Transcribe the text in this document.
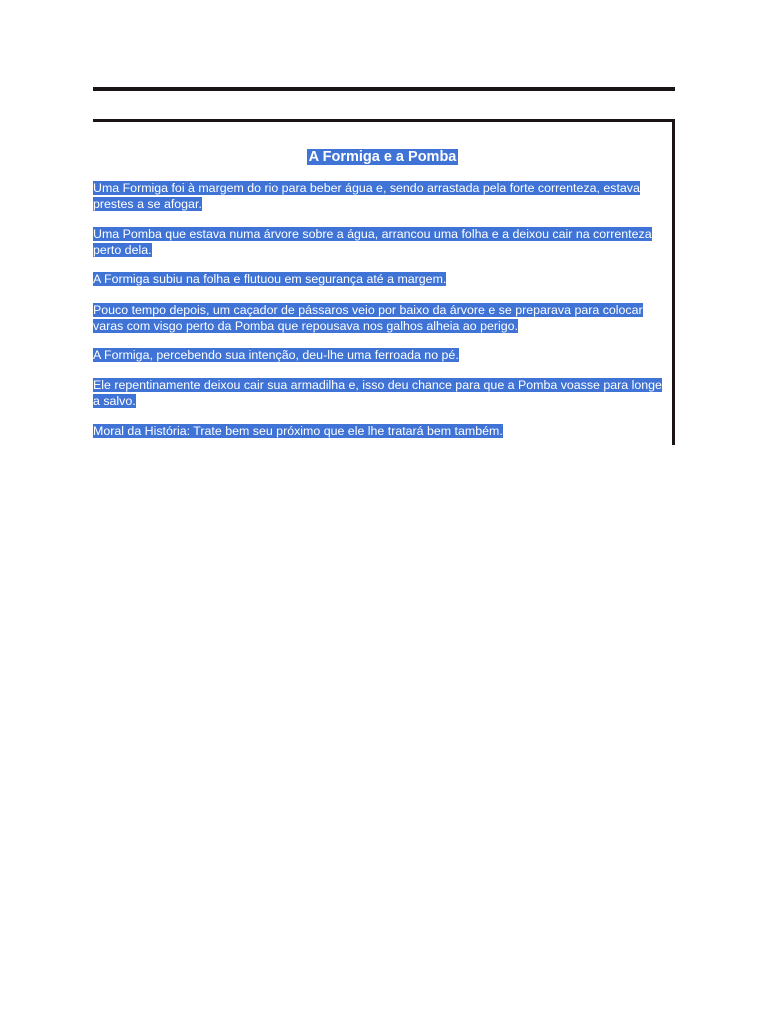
A Formiga e a Pomba

Uma Formiga foi à margem do rio para beber água e, sendo arrastada pela forte correnteza, estava prestes a se afogar.

Uma Pomba que estava numa árvore sobre a água, arrancou uma folha e a deixou cair na correnteza perto dela.

A Formiga subiu na folha e flutuou em segurança até a margem.

Pouco tempo depois, um caçador de pássaros veio por baixo da árvore e se preparava para colocar varas com visgo perto da Pomba que repousava nos galhos alheia ao perigo.

A Formiga, percebendo sua intenção, deu-lhe uma ferroada no pé.

Ele repentinamente deixou cair sua armadilha e, isso deu chance para que a Pomba voasse para longe a salvo.

Moral da História: Trate bem seu próximo que ele lhe tratará bem também.
